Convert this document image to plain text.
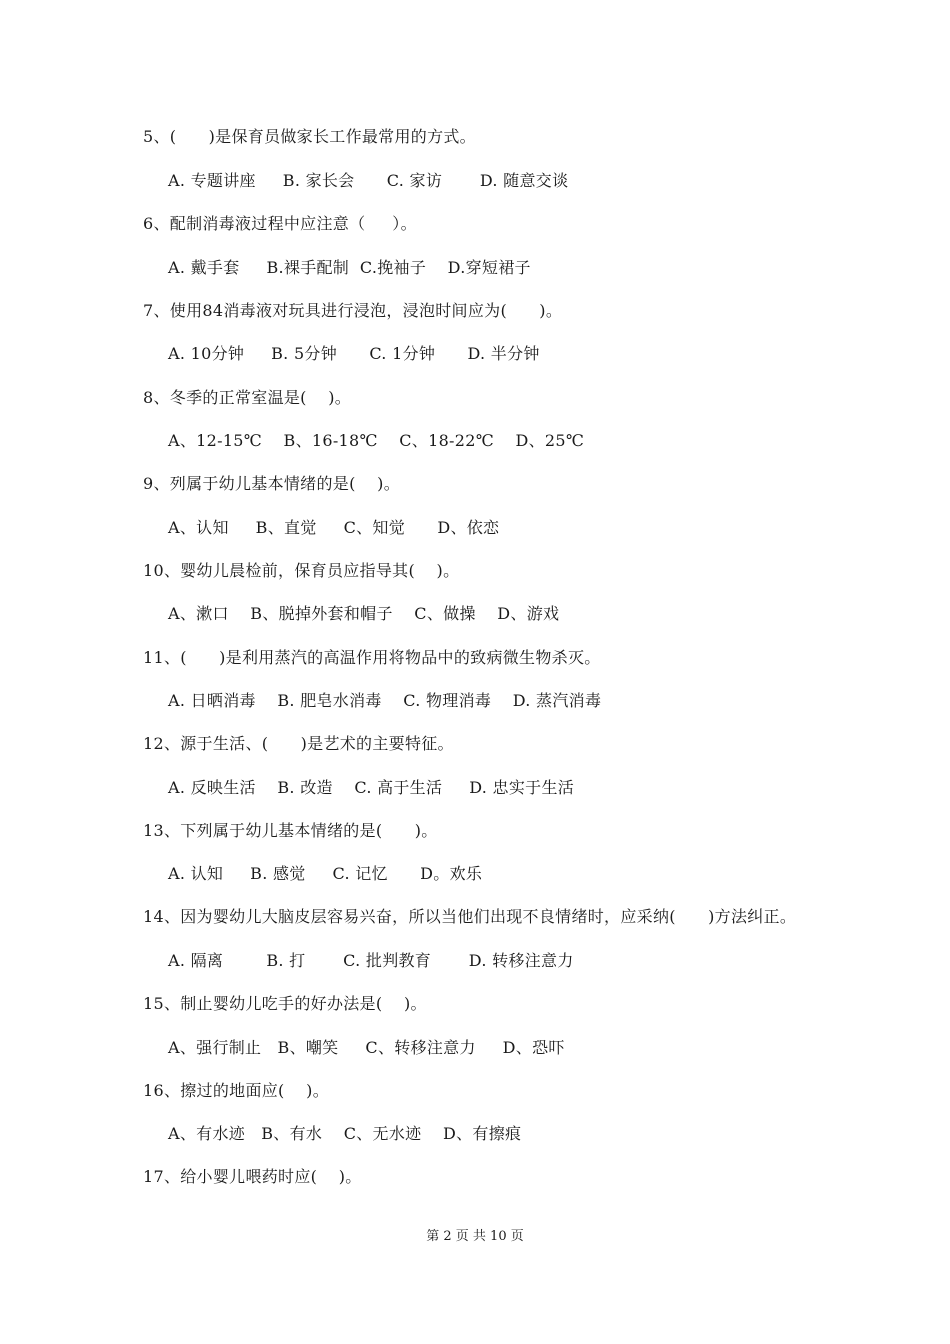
5、(      )是保育员做家长工作最常用的方式。
A. 专题讲座     B. 家长会      C. 家访       D. 随意交谈
6、配制消毒液过程中应注意（     ）。
A. 戴手套     B.裸手配制  C.挽袖子    D.穿短裙子
7、使用84消毒液对玩具进行浸泡，浸泡时间应为(      )。
A. 10分钟     B. 5分钟      C. 1分钟      D. 半分钟
8、冬季的正常室温是(    )。
A、12-15℃    B、16-18℃    C、18-22℃    D、25℃
9、列属于幼儿基本情绪的是(    )。
A、认知     B、直觉     C、知觉      D、依恋
10、婴幼儿晨检前，保育员应指导其(    )。
A、漱口    B、脱掉外套和帽子    C、做操    D、游戏
11、(      )是利用蒸汽的高温作用将物品中的致病微生物杀灭。
A. 日晒消毒    B. 肥皂水消毒    C. 物理消毒    D. 蒸汽消毒
12、源于生活、(      )是艺术的主要特征。
A. 反映生活    B. 改造    C. 高于生活     D. 忠实于生活
13、下列属于幼儿基本情绪的是(      )。
A. 认知     B. 感觉     C. 记忆      D。欢乐
14、因为婴幼儿大脑皮层容易兴奋，所以当他们出现不良情绪时，应采纳(      )方法纠正。
A. 隔离        B. 打       C. 批判教育       D. 转移注意力
15、制止婴幼儿吃手的好办法是(    )。
A、强行制止   B、嘲笑     C、转移注意力     D、恐吓
16、擦过的地面应(    )。
A、有水迹   B、有水    C、无水迹    D、有擦痕
17、给小婴儿喂药时应(    )。
第 2 页 共 10 页
